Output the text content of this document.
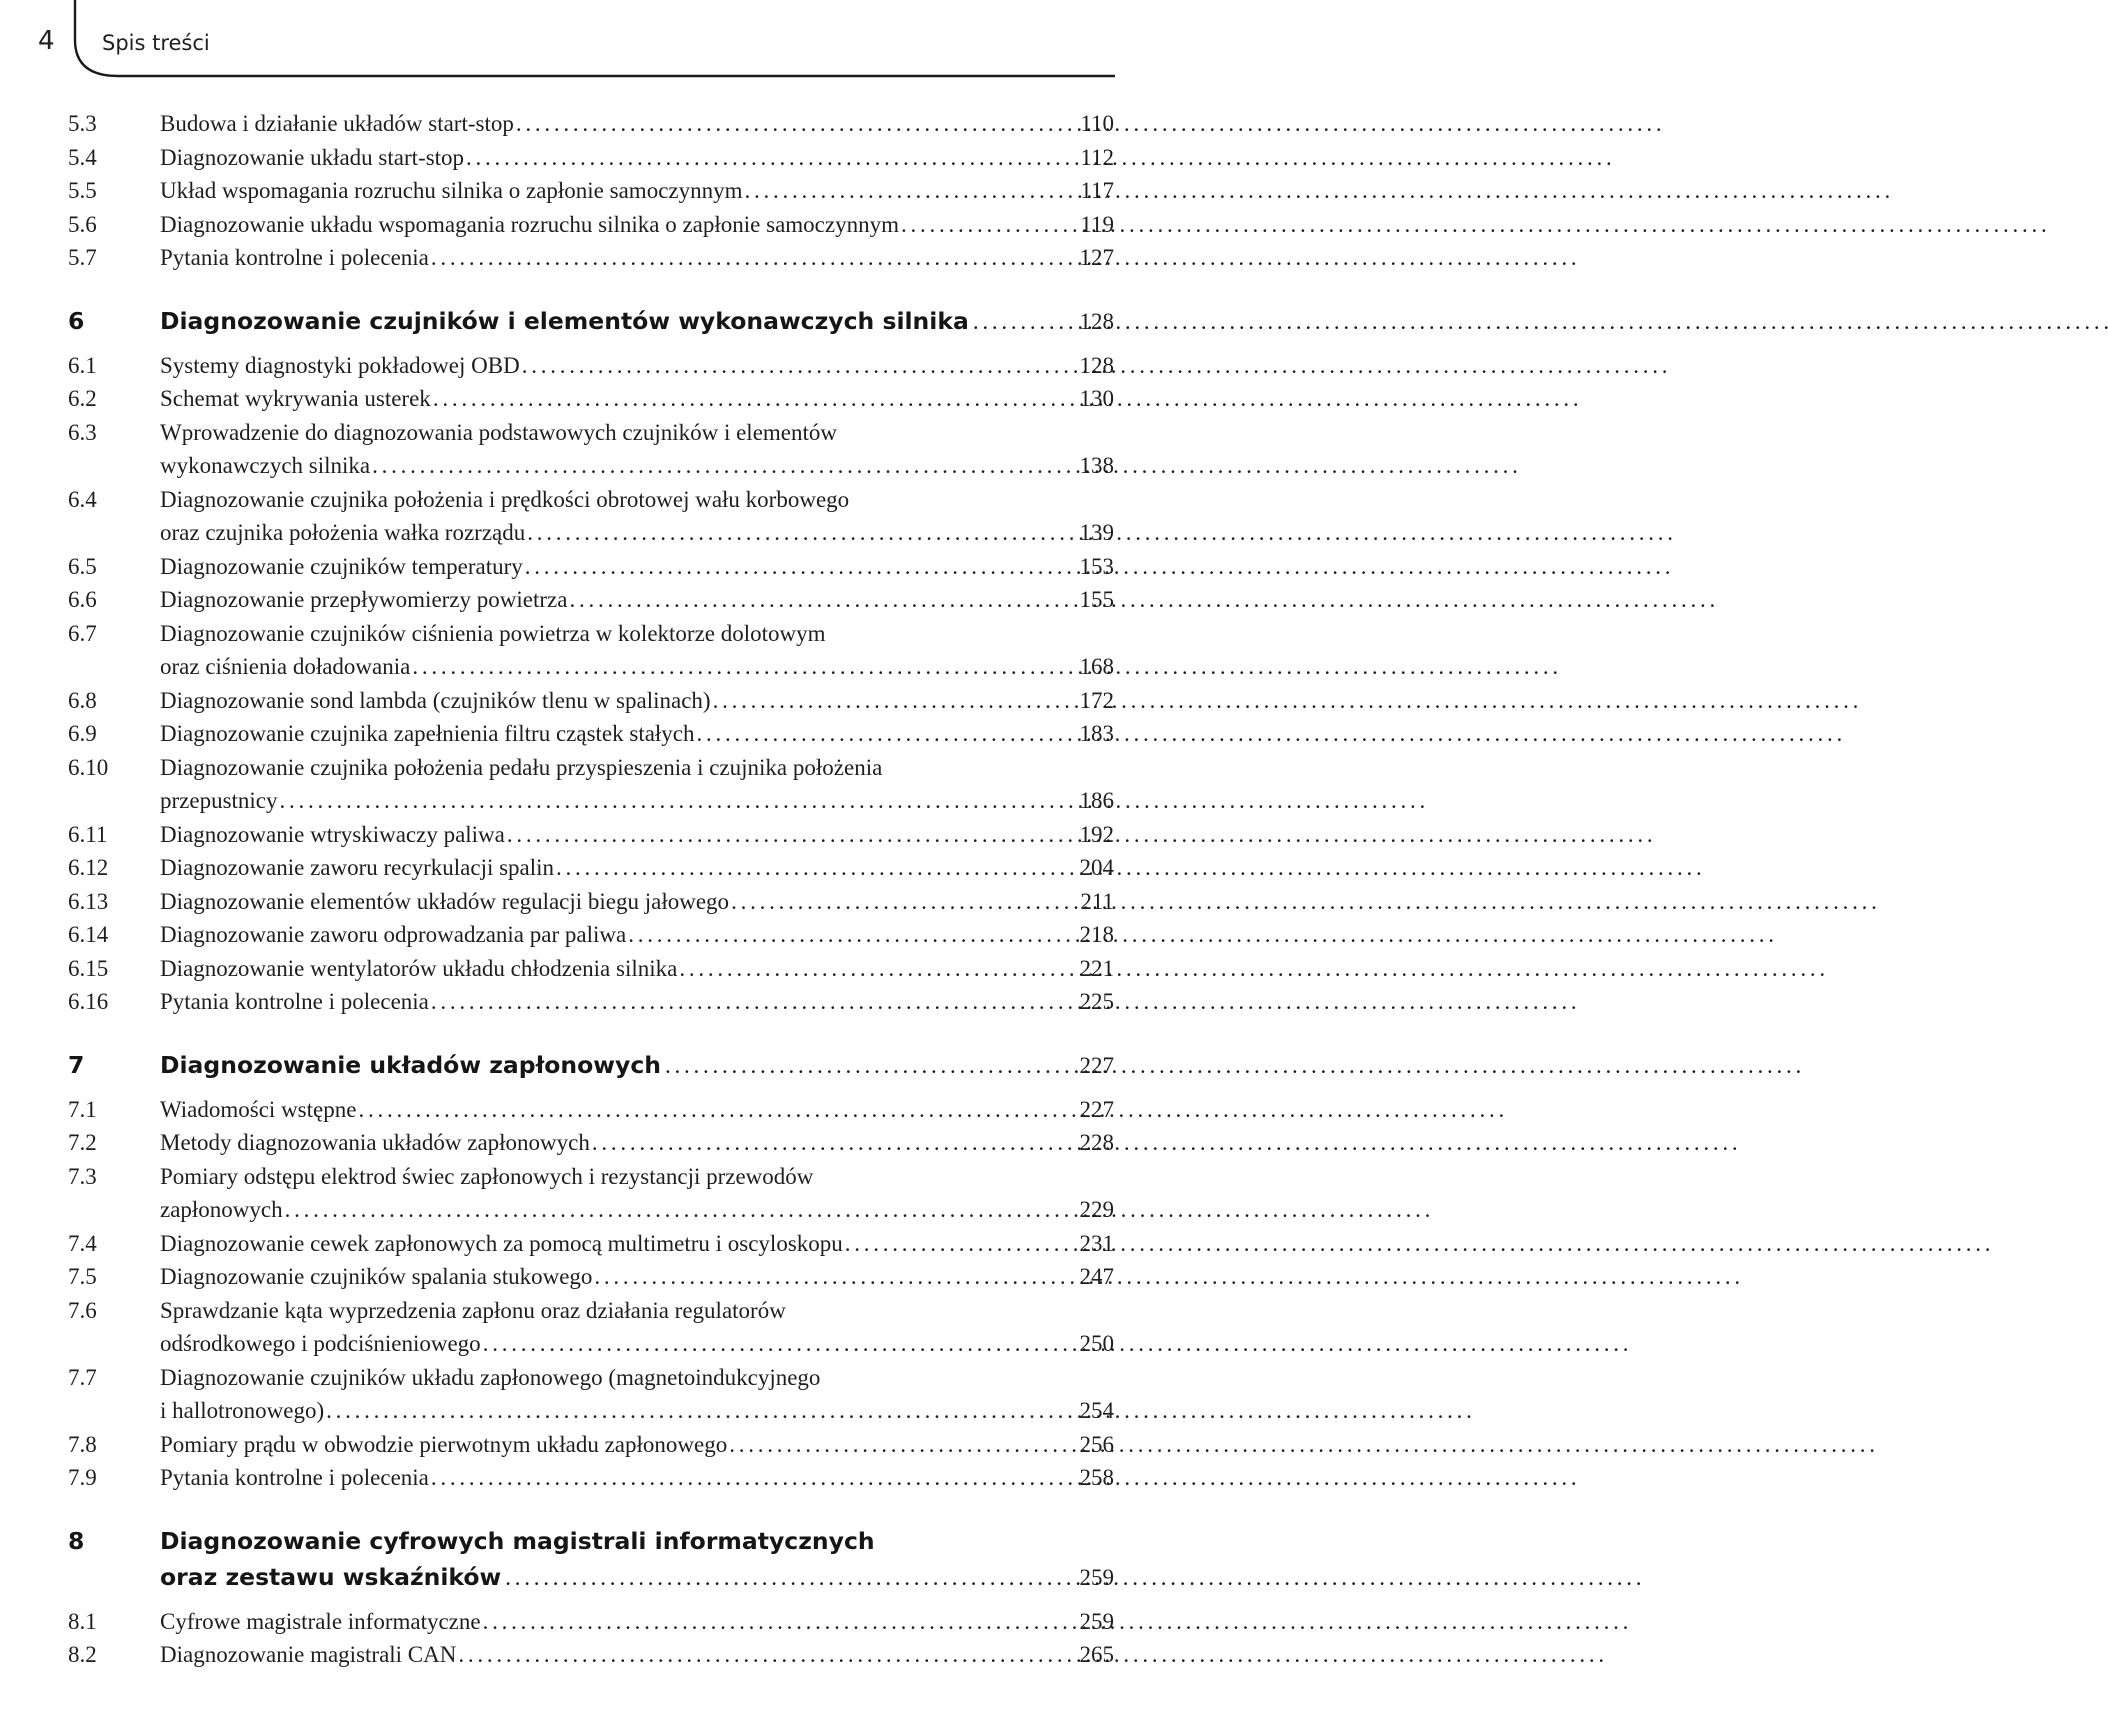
4 Spis treści
5.3	Budowa i działanie układów start-stop . . .	110
5.4	Diagnozowanie układu start-stop . . .	112
5.5	Układ wspomagania rozruchu silnika o zapłonie samoczynnym . . .	117
5.6	Diagnozowanie układu wspomagania rozruchu silnika o zapłonie samoczynnym . . .	119
5.7	Pytania kontrolne i polecenia . . .	127
6	Diagnozowanie czujników i elementów wykonawczych silnika . . .	128
6.1	Systemy diagnostyki pokładowej OBD . . .	128
6.2	Schemat wykrywania usterek . . .	130
6.3	Wprowadzenie do diagnozowania podstawowych czujników i elementów
wykonawczych silnika . . .	138
6.4	Diagnozowanie czujnika położenia i prędkości obrotowej wału korbowego
oraz czujnika położenia wałka rozrządu . . .	139
6.5	Diagnozowanie czujników temperatury . . .	153
6.6	Diagnozowanie przepływomierzy powietrza . . .	155
6.7	Diagnozowanie czujników ciśnienia powietrza w kolektorze dolotowym
oraz ciśnienia doładowania . . .	168
6.8	Diagnozowanie sond lambda (czujników tlenu w spalinach) . . .	172
6.9	Diagnozowanie czujnika zapełnienia filtru cząstek stałych . . .	183
6.10	Diagnozowanie czujnika położenia pedału przyspieszenia i czujnika położenia
przepustnicy . . .	186
6.11	Diagnozowanie wtryskiwaczy paliwa . . .	192
6.12	Diagnozowanie zaworu recyrkulacji spalin . . .	204
6.13	Diagnozowanie elementów układów regulacji biegu jałowego . . .	211
6.14	Diagnozowanie zaworu odprowadzania par paliwa . . .	218
6.15	Diagnozowanie wentylatorów układu chłodzenia silnika . . .	221
6.16	Pytania kontrolne i polecenia . . .	225
7	Diagnozowanie układów zapłonowych . . .	227
7.1	Wiadomości wstępne . . .	227
7.2	Metody diagnozowania układów zapłonowych . . .	228
7.3	Pomiary odstępu elektrod świec zapłonowych i rezystancji przewodów
zapłonowych . . .	229
7.4	Diagnozowanie cewek zapłonowych za pomocą multimetru i oscyloskopu . . .	231
7.5	Diagnozowanie czujników spalania stukowego . . .	247
7.6	Sprawdzanie kąta wyprzedzenia zapłonu oraz działania regulatorów
odśrodkowego i podciśnieniowego . . .	250
7.7	Diagnozowanie czujników układu zapłonowego (magnetoindukcyjnego
i hallotronowego) . . .	254
7.8	Pomiary prądu w obwodzie pierwotnym układu zapłonowego . . .	256
7.9	Pytania kontrolne i polecenia . . .	258
8	Diagnozowanie cyfrowych magistrali informatycznych
oraz zestawu wskaźników . . .	259
8.1	Cyfrowe magistrale informatyczne . . .	259
8.2	Diagnozowanie magistrali CAN . . .	265
